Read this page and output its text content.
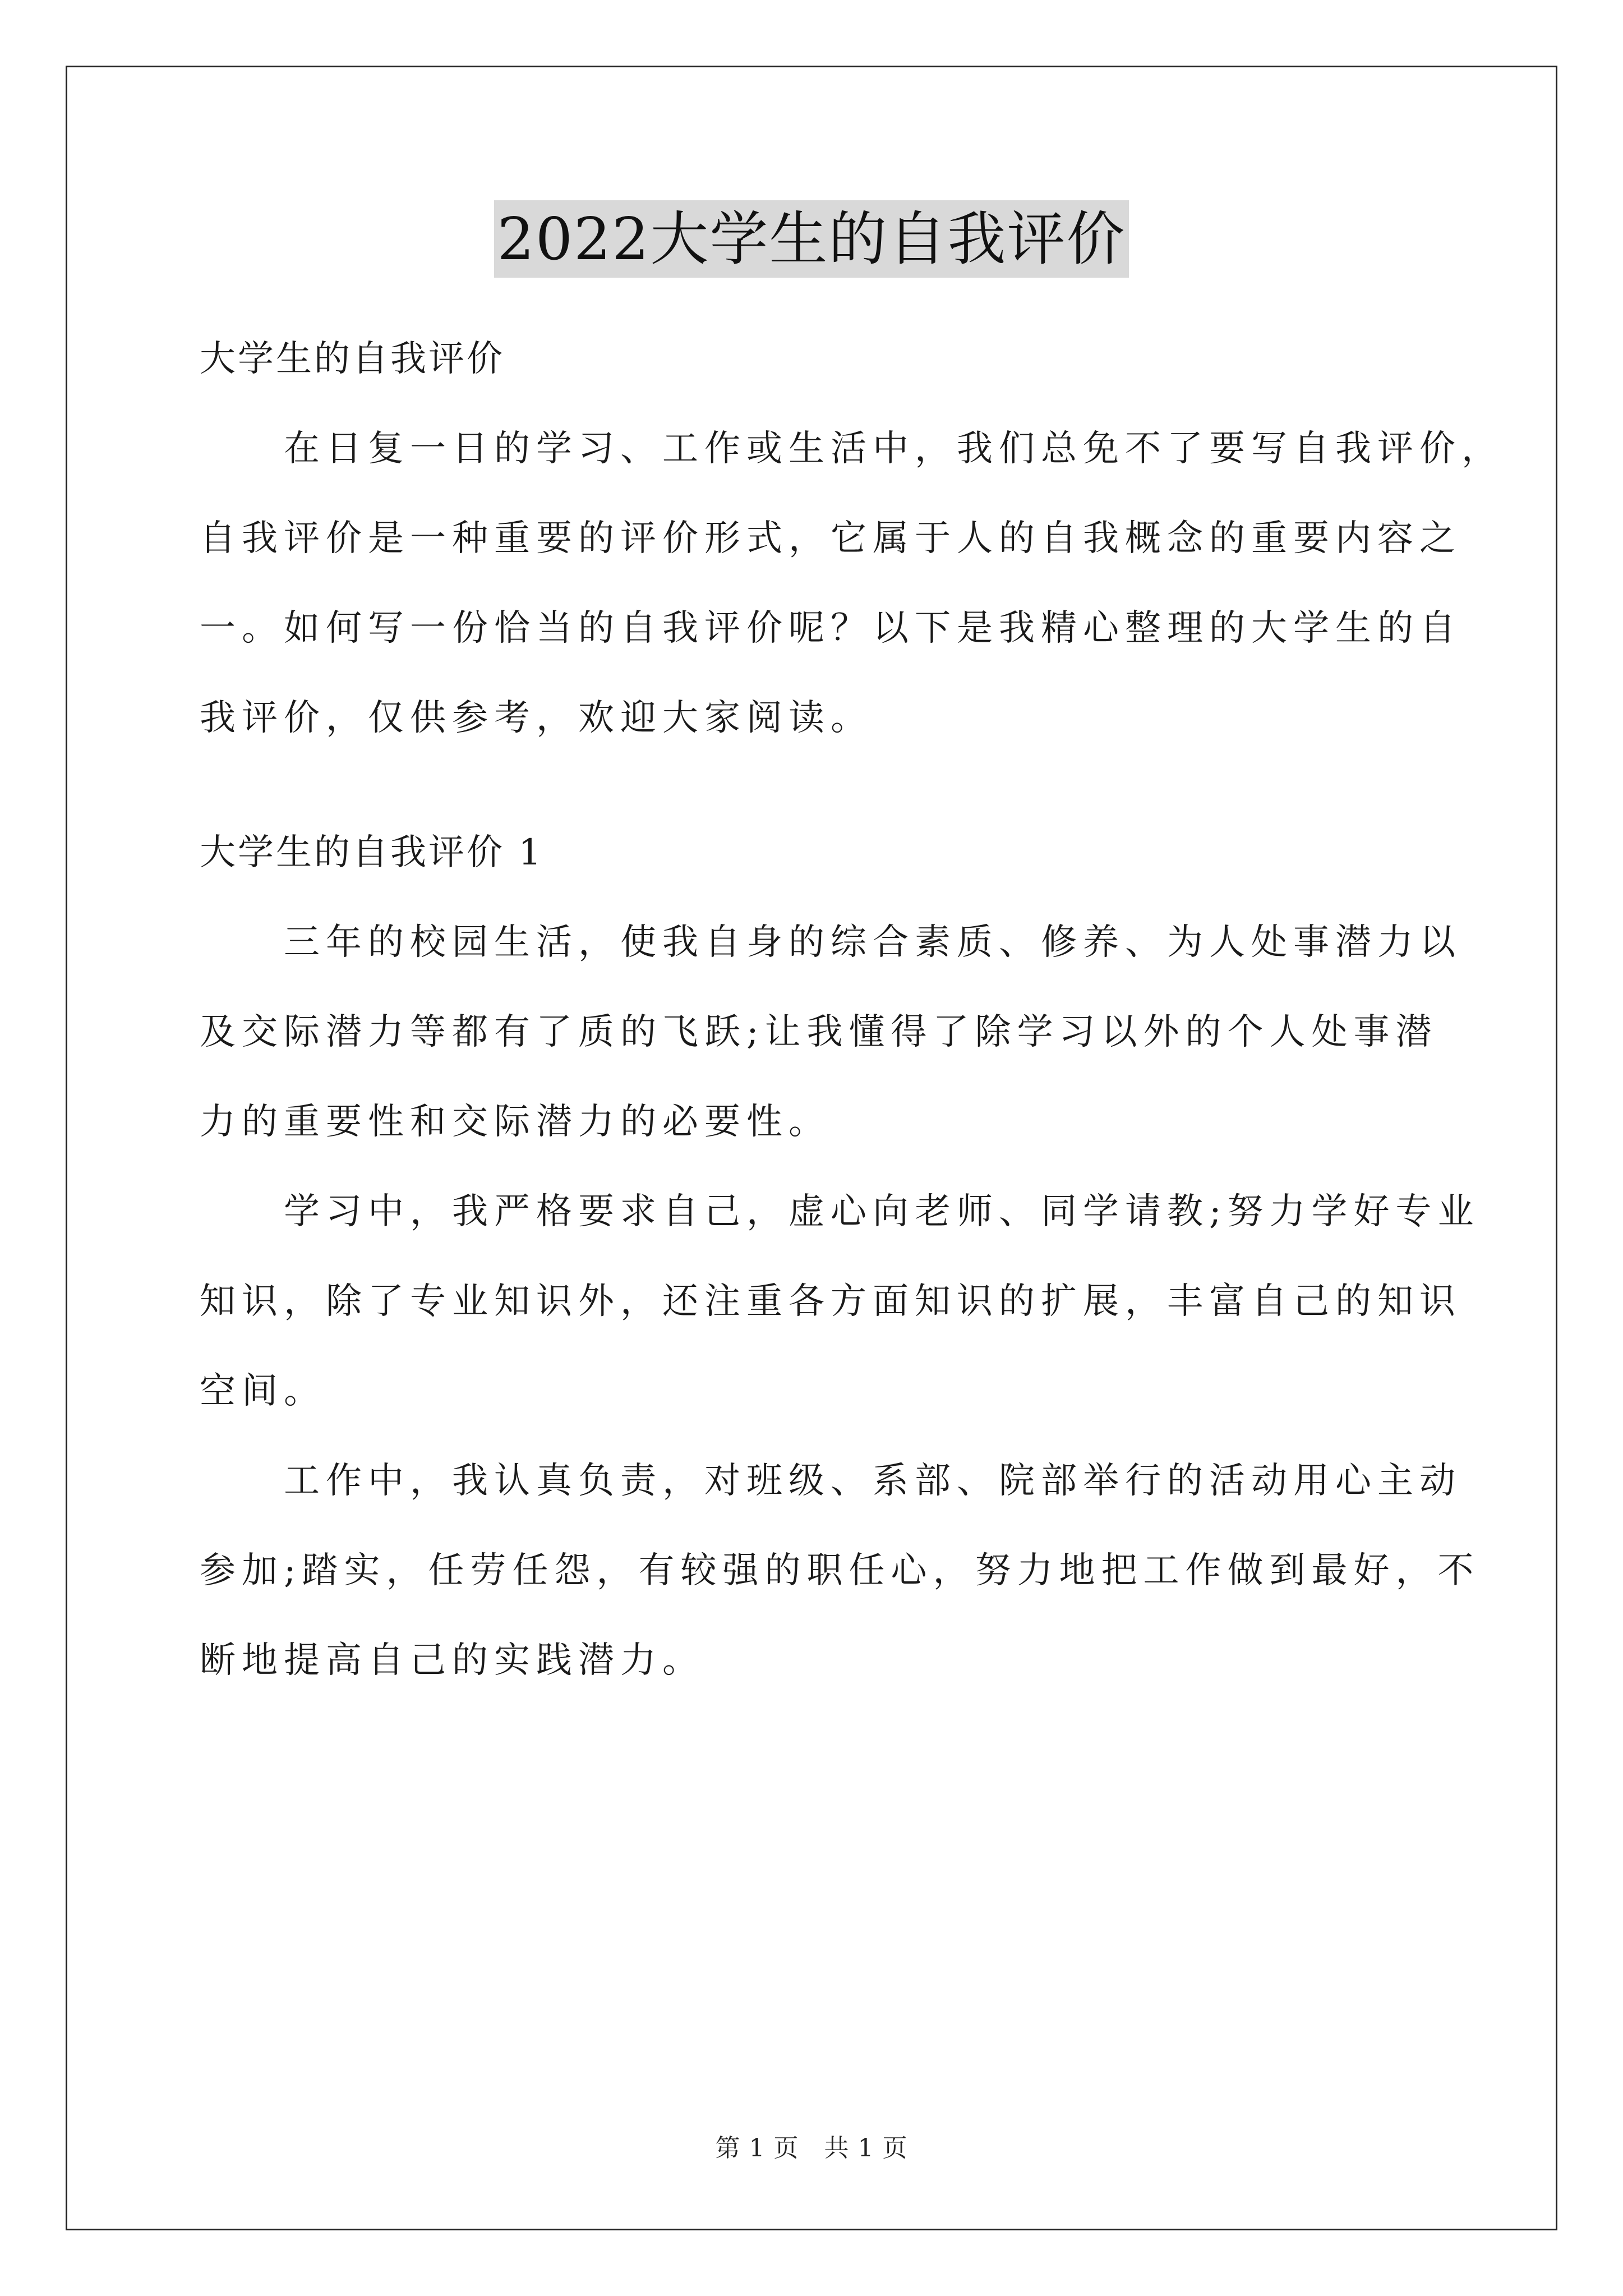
2022大学生的自我评价
大学生的自我评价
　　在日复一日的学习、工作或生活中，我们总免不了要写自我评价，
自我评价是一种重要的评价形式，它属于人的自我概念的重要内容之
一。如何写一份恰当的自我评价呢？以下是我精心整理的大学生的自
我评价，仅供参考，欢迎大家阅读。
大学生的自我评价 1
　　三年的校园生活，使我自身的综合素质、修养、为人处事潜力以
及交际潜力等都有了质的飞跃;让我懂得了除学习以外的个人处事潜
力的重要性和交际潜力的必要性。
　　学习中，我严格要求自己，虚心向老师、同学请教;努力学好专业
知识，除了专业知识外，还注重各方面知识的扩展，丰富自己的知识
空间。
　　工作中，我认真负责，对班级、系部、院部举行的活动用心主动
参加;踏实，任劳任怨，有较强的职任心，努力地把工作做到最好，不
断地提高自己的实践潜力。
第 1 页　共 1 页
